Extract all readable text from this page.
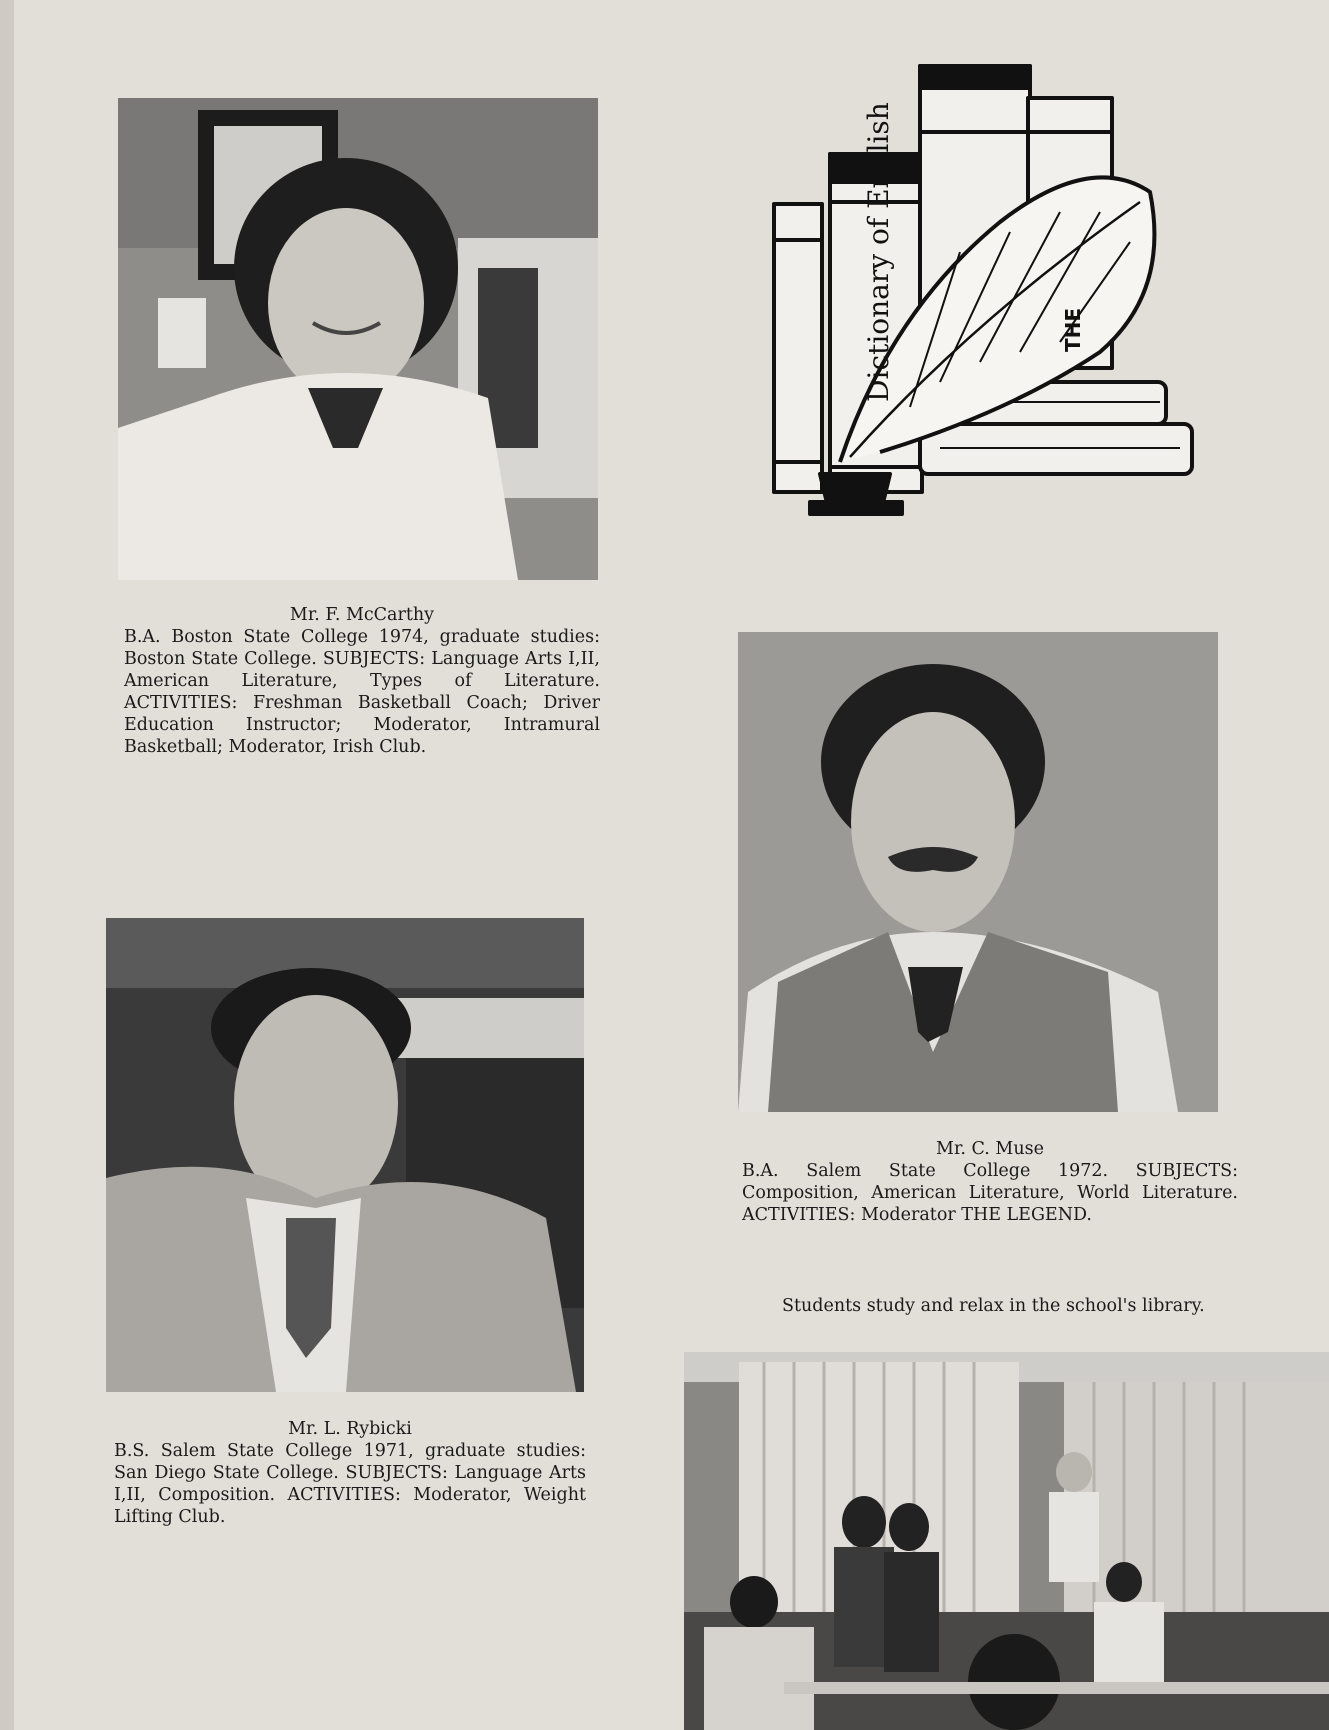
Mr. F. McCarthy
B.A. Boston State College 1974, graduate studies: Boston State College. SUBJECTS: Language Arts I,II, American Literature, Types of Literature. ACTIVITIES: Freshman Basketball Coach; Driver Education Instructor; Moderator, Intramural Basketball; Moderator, Irish Club.
Dictionary of English	THE
Mr. C. Muse
B.A. Salem State College 1972. SUBJECTS: Composition, American Literature, World Literature. ACTIVITIES: Moderator THE LEGEND.
Mr. L. Rybicki
B.S. Salem State College 1971, graduate studies: San Diego State College. SUBJECTS: Language Arts I,II, Composition. ACTIVITIES: Moderator, Weight Lifting Club.
Students study and relax in the school's library.
